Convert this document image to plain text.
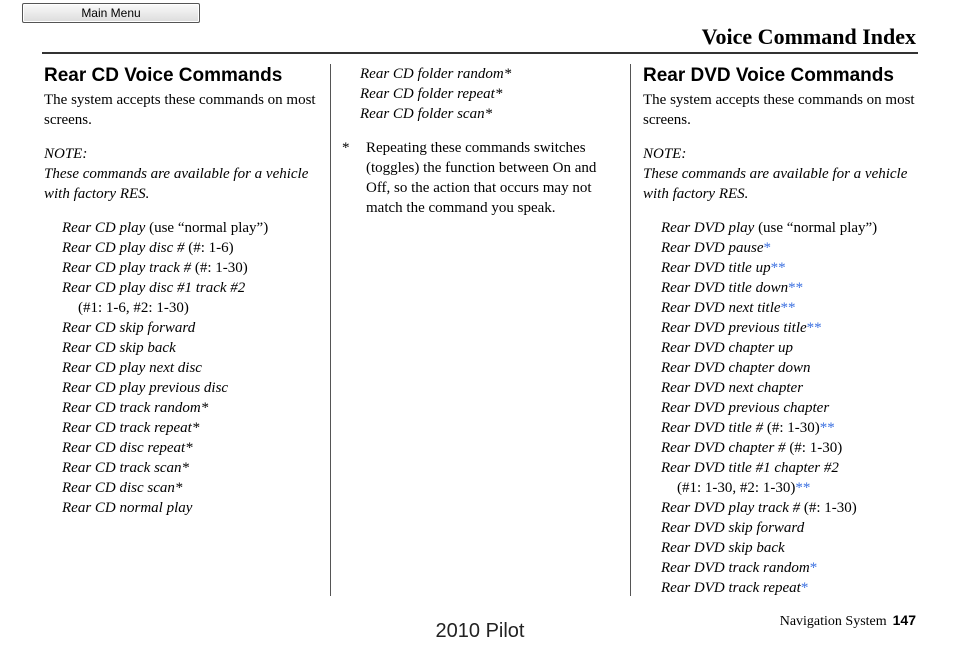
Main Menu
Voice Command Index
Rear CD Voice Commands

The system accepts these commands on most screens.

NOTE:

These commands are available for a vehicle with factory RES.

Rear CD play (use “normal play”)

Rear CD play disc # (#: 1-6)

Rear CD play track # (#: 1-30)

Rear CD play disc #1 track #2
(#1: 1-6, #2: 1-30)

Rear CD skip forward

Rear CD skip back

Rear CD play next disc

Rear CD play previous disc

Rear CD track random*

Rear CD track repeat*

Rear CD disc repeat*

Rear CD track scan*

Rear CD disc scan*

Rear CD normal play

Rear CD folder random*

Rear CD folder repeat*

Rear CD folder scan*

*	Repeating these commands switches (toggles) the function between On and Off, so the action that occurs may not match the command you speak.
Rear DVD Voice Commands

The system accepts these commands on most screens.

NOTE:

These commands are available for a vehicle with factory RES.

Rear DVD play (use “normal play”)

Rear DVD pause*

Rear DVD title up**

Rear DVD title down**

Rear DVD next title**

Rear DVD previous title**

Rear DVD chapter up

Rear DVD chapter down

Rear DVD next chapter

Rear DVD previous chapter

Rear DVD title # (#: 1-30)**

Rear DVD chapter # (#: 1-30)

Rear DVD title #1 chapter #2
(#1: 1-30, #2: 1-30)**

Rear DVD play track # (#: 1-30)

Rear DVD skip forward

Rear DVD skip back

Rear DVD track random*

Rear DVD track repeat*

Navigation System 147
2010 Pilot
